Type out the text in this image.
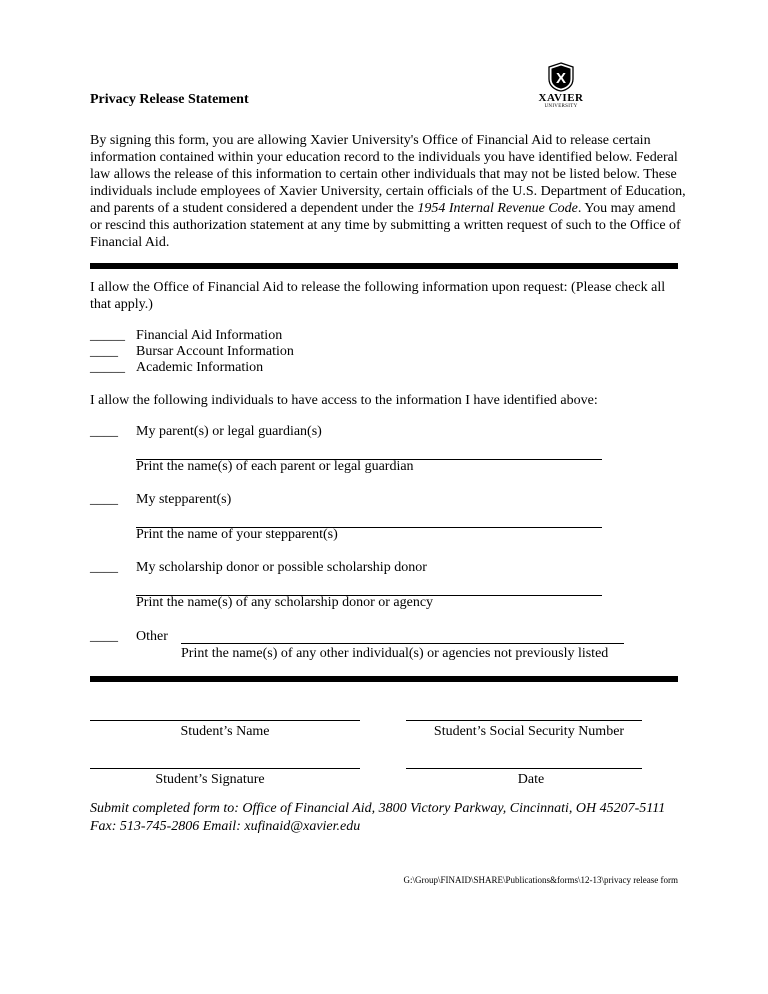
Privacy Release Statement
X
XAVIER
UNIVERSITY
By signing this form, you are allowing Xavier University's Office of Financial Aid to release certain information contained within your education record to the individuals you have identified below. Federal law allows the release of this information to certain other individuals that may not be listed below. These individuals include employees of Xavier University, certain officials of the U.S. Department of Education, and parents of a student considered a dependent under the 1954 Internal Revenue Code. You may amend or rescind this authorization statement at any time by submitting a written request of such to the Office of Financial Aid.
I allow the Office of Financial Aid to release the following information upon request: (Please check all that apply.)
_____ Financial Aid Information
____	Bursar Account Information
_____ Academic Information
I allow the following individuals to have access to the information I have identified above:
____ My parent(s) or legal guardian(s)
Print the name(s) of each parent or legal guardian
____ My stepparent(s)
Print the name of your stepparent(s)
____ My scholarship donor or possible scholarship donor
Print the name(s) of any scholarship donor or agency
____ Other
Print the name(s) of any other individual(s) or agencies not previously listed
Student’s Name	Student’s Social Security Number
Student’s Signature	Date
Submit completed form to: Office of Financial Aid, 3800 Victory Parkway, Cincinnati, OH 45207-5111
Fax: 513-745-2806 Email: xufinaid@xavier.edu
G:\Group\FINAID\SHARE\Publications&forms\12-13\privacy release form
